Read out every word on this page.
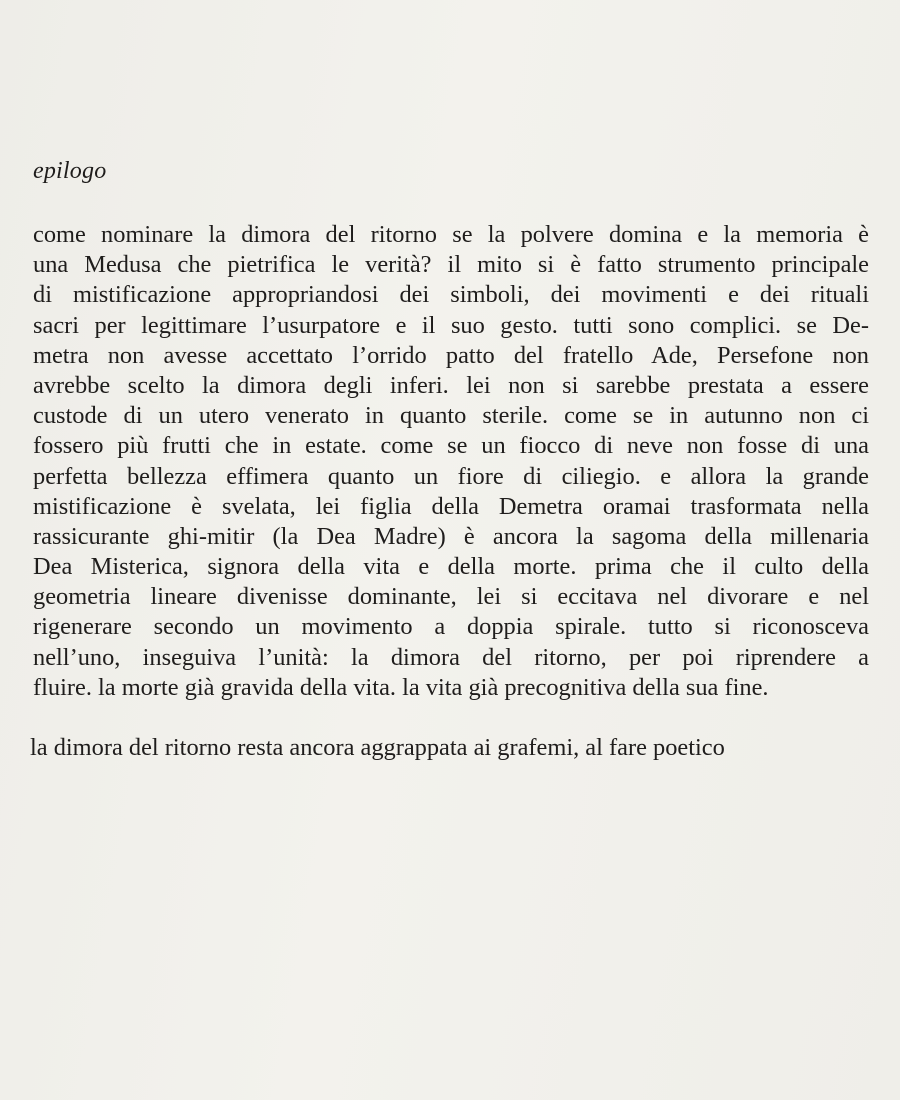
epilogo
come nominare la dimora del ritorno se la polvere domina e la memoria è
una Medusa che pietrifica le verità? il mito si è fatto strumento principale
di mistificazione appropriandosi dei simboli, dei movimenti e dei rituali
sacri per legittimare l’usurpatore e il suo gesto. tutti sono complici. se De-
metra non avesse accettato l’orrido patto del fratello Ade, Persefone non
avrebbe scelto la dimora degli inferi. lei non si sarebbe prestata a essere
custode di un utero venerato in quanto sterile. come se in autunno non ci
fossero più frutti che in estate. come se un fiocco di neve non fosse di una
perfetta bellezza effimera quanto un fiore di ciliegio. e allora la grande
mistificazione è svelata, lei figlia della Demetra oramai trasformata nella
rassicurante ghi-mitir (la Dea Madre) è ancora la sagoma della millenaria
Dea Misterica, signora della vita e della morte. prima che il culto della
geometria lineare divenisse dominante, lei si eccitava nel divorare e nel
rigenerare secondo un movimento a doppia spirale. tutto si riconosceva
nell’uno, inseguiva l’unità: la dimora del ritorno, per poi riprendere a
fluire. la morte già gravida della vita. la vita già precognitiva della sua fine.
la dimora del ritorno resta ancora aggrappata ai grafemi, al fare poetico
